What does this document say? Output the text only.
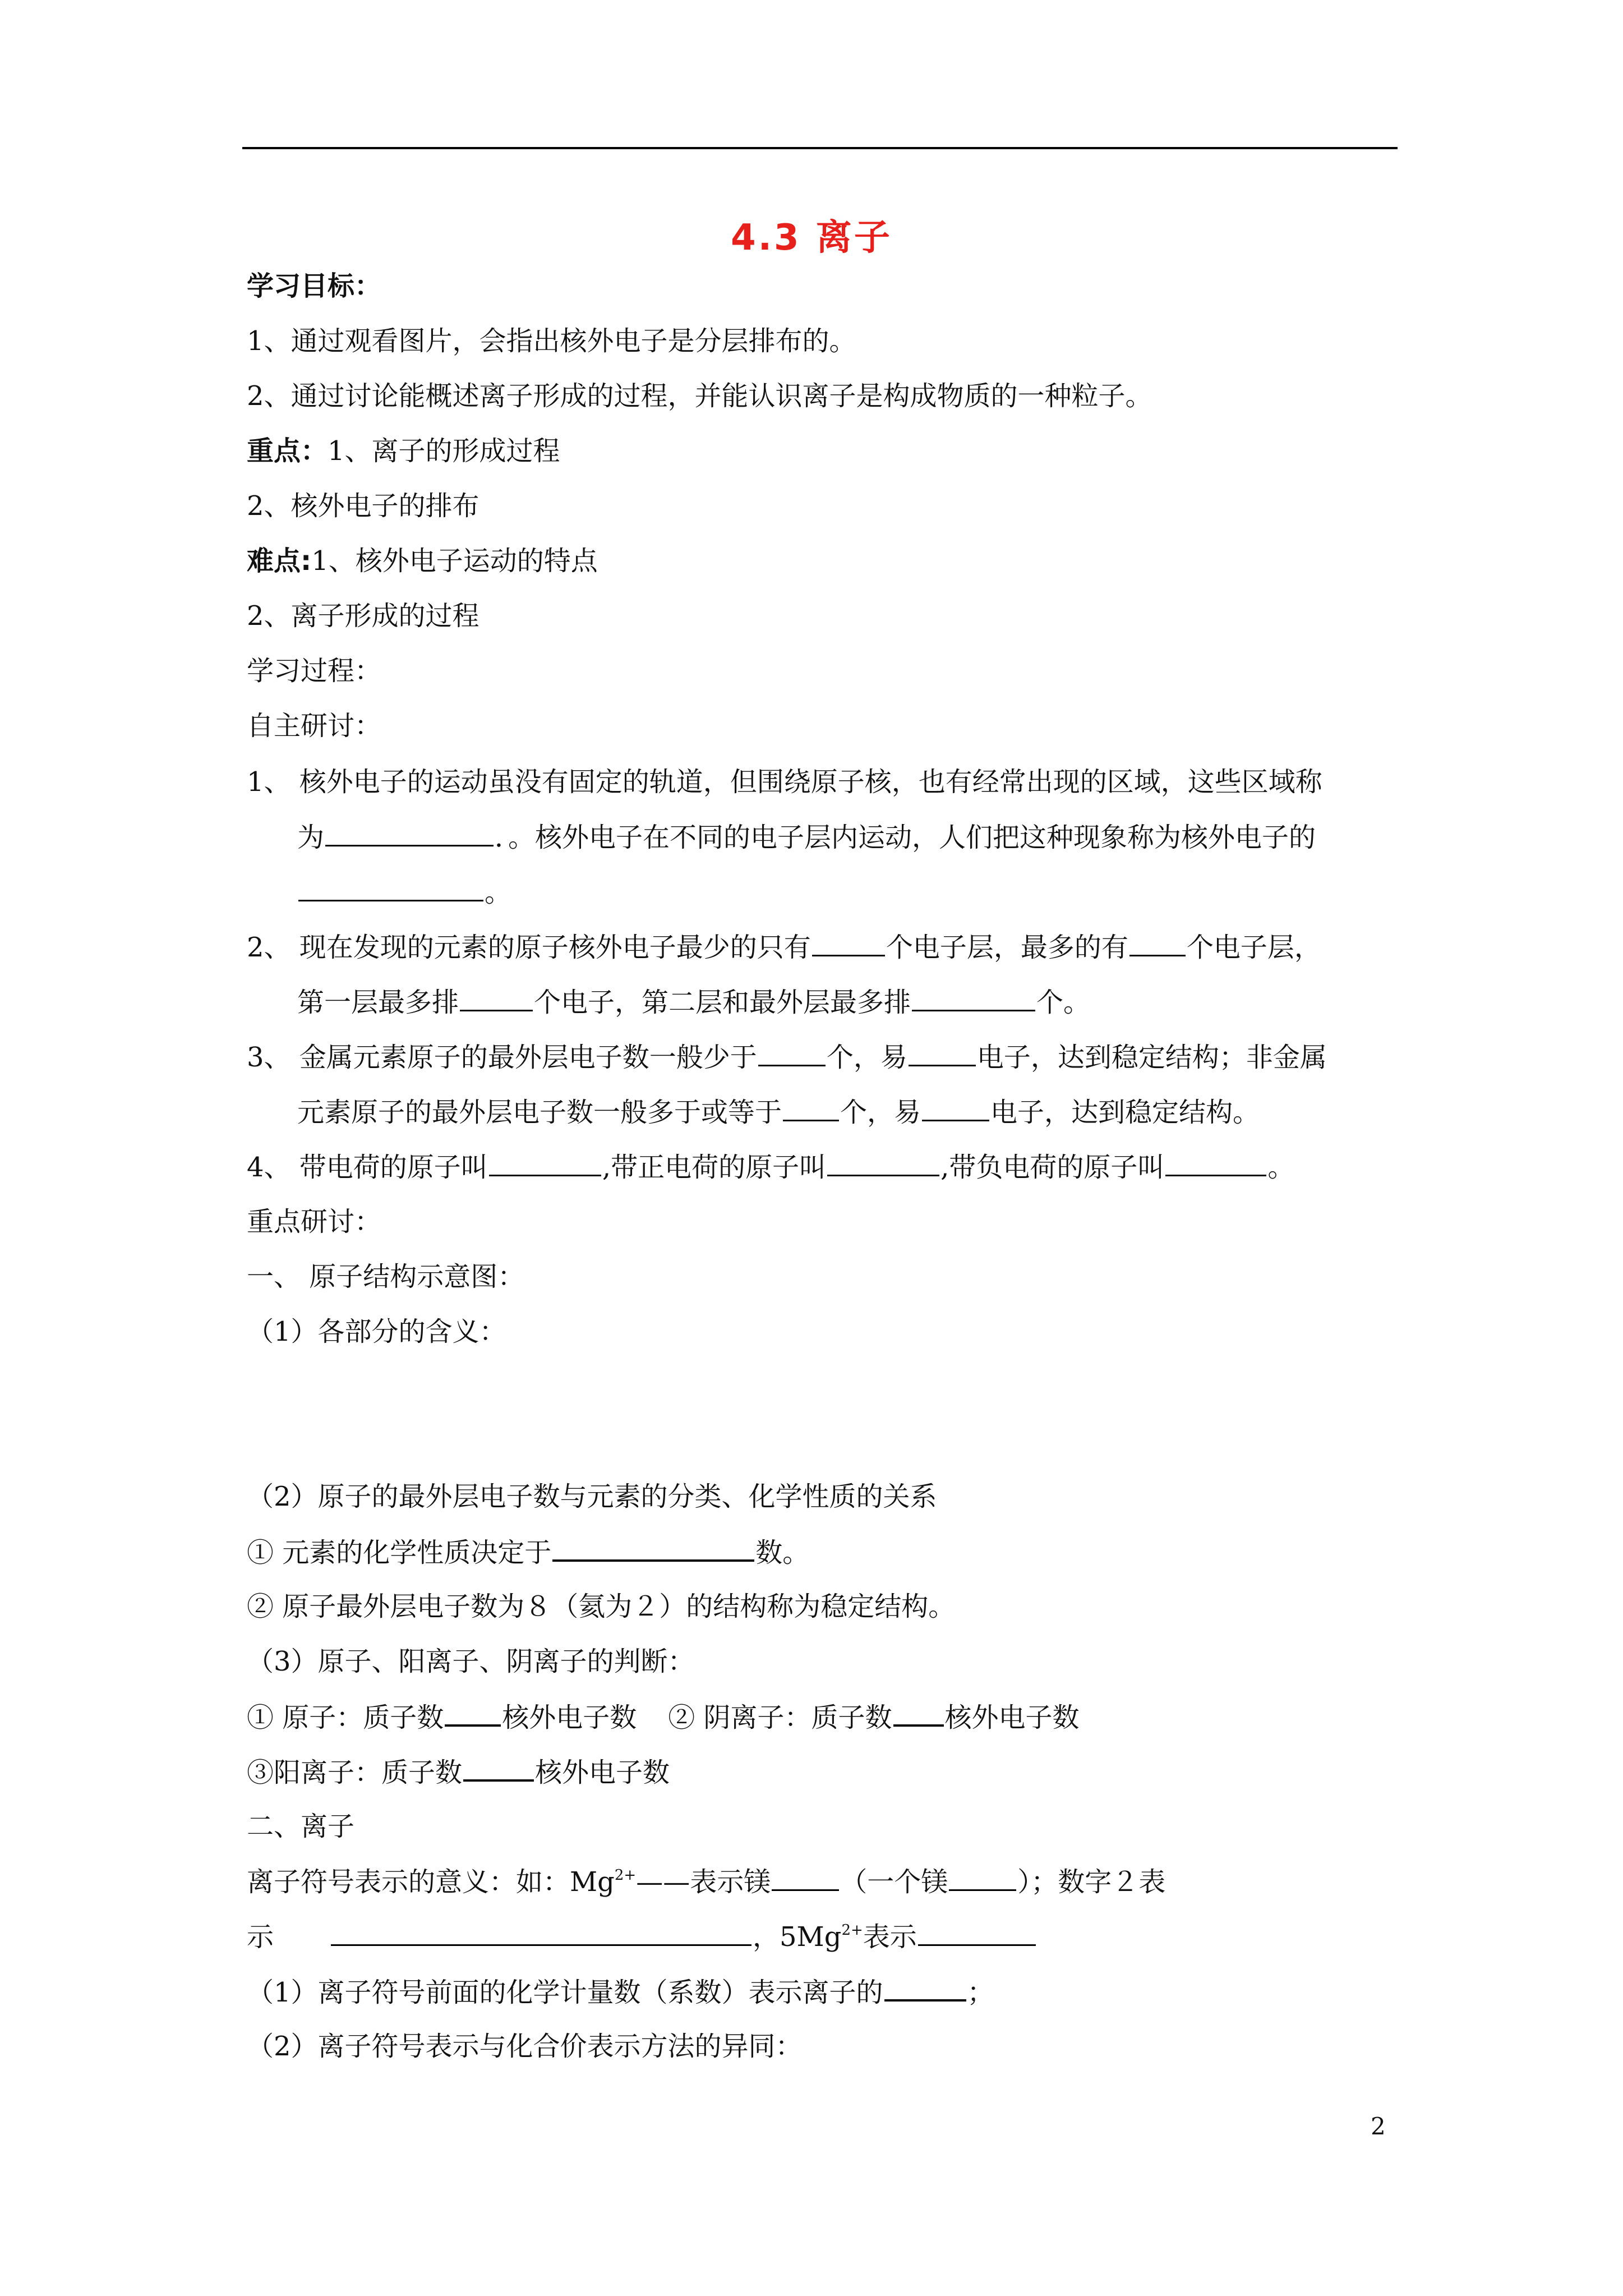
4.3 离子
学习目标：
1、通过观看图片，会指出核外电子是分层排布的。
2、通过讨论能概述离子形成的过程，并能认识离子是构成物质的一种粒子。
重点：1、离子的形成过程
2、核外电子的排布
难点:1、核外电子运动的特点
2、离子形成的过程
学习过程：
自主研讨：
1、 核外电子的运动虽没有固定的轨道，但围绕原子核，也有经常出现的区域，这些区域称
为	．。核外电子在不同的电子层内运动，人们把这种现象称为核外电子的
。
2、 现在发现的元素的原子核外电子最少的只有	个电子层，最多的有 个电子层，
第一层最多排	个电子，第二层和最外层最多排	个。
3、 金属元素原子的最外层电子数一般少于	个，易	电子，达到稳定结构；非金属
元素原子的最外层电子数一般多于或等于 个，易	电子，达到稳定结构。
4、 带电荷的原子叫	,带正电荷的原子叫	,带负电荷的原子叫	。
重点研讨：
一、 原子结构示意图：
（1）各部分的含义：
（2）原子的最外层电子数与元素的分类、化学性质的关系
① 元素的化学性质决定于	数。
② 原子最外层电子数为８（氦为２）的结构称为稳定结构。
（3）原子、阳离子、阴离子的判断：
① 原子：质子数 核外电子数 ② 阴离子：质子数 核外电子数
③阳离子：质子数	核外电子数
二、离子
离子符号表示的意义：如：$Mg^{2+}——$表示镁	（一个镁	）；数字２表
示	，$5Mg^{2+}$表示
（1）离子符号前面的化学计量数（系数）表示离子的	；
（2）离子符号表示与化合价表示方法的异同：
2
